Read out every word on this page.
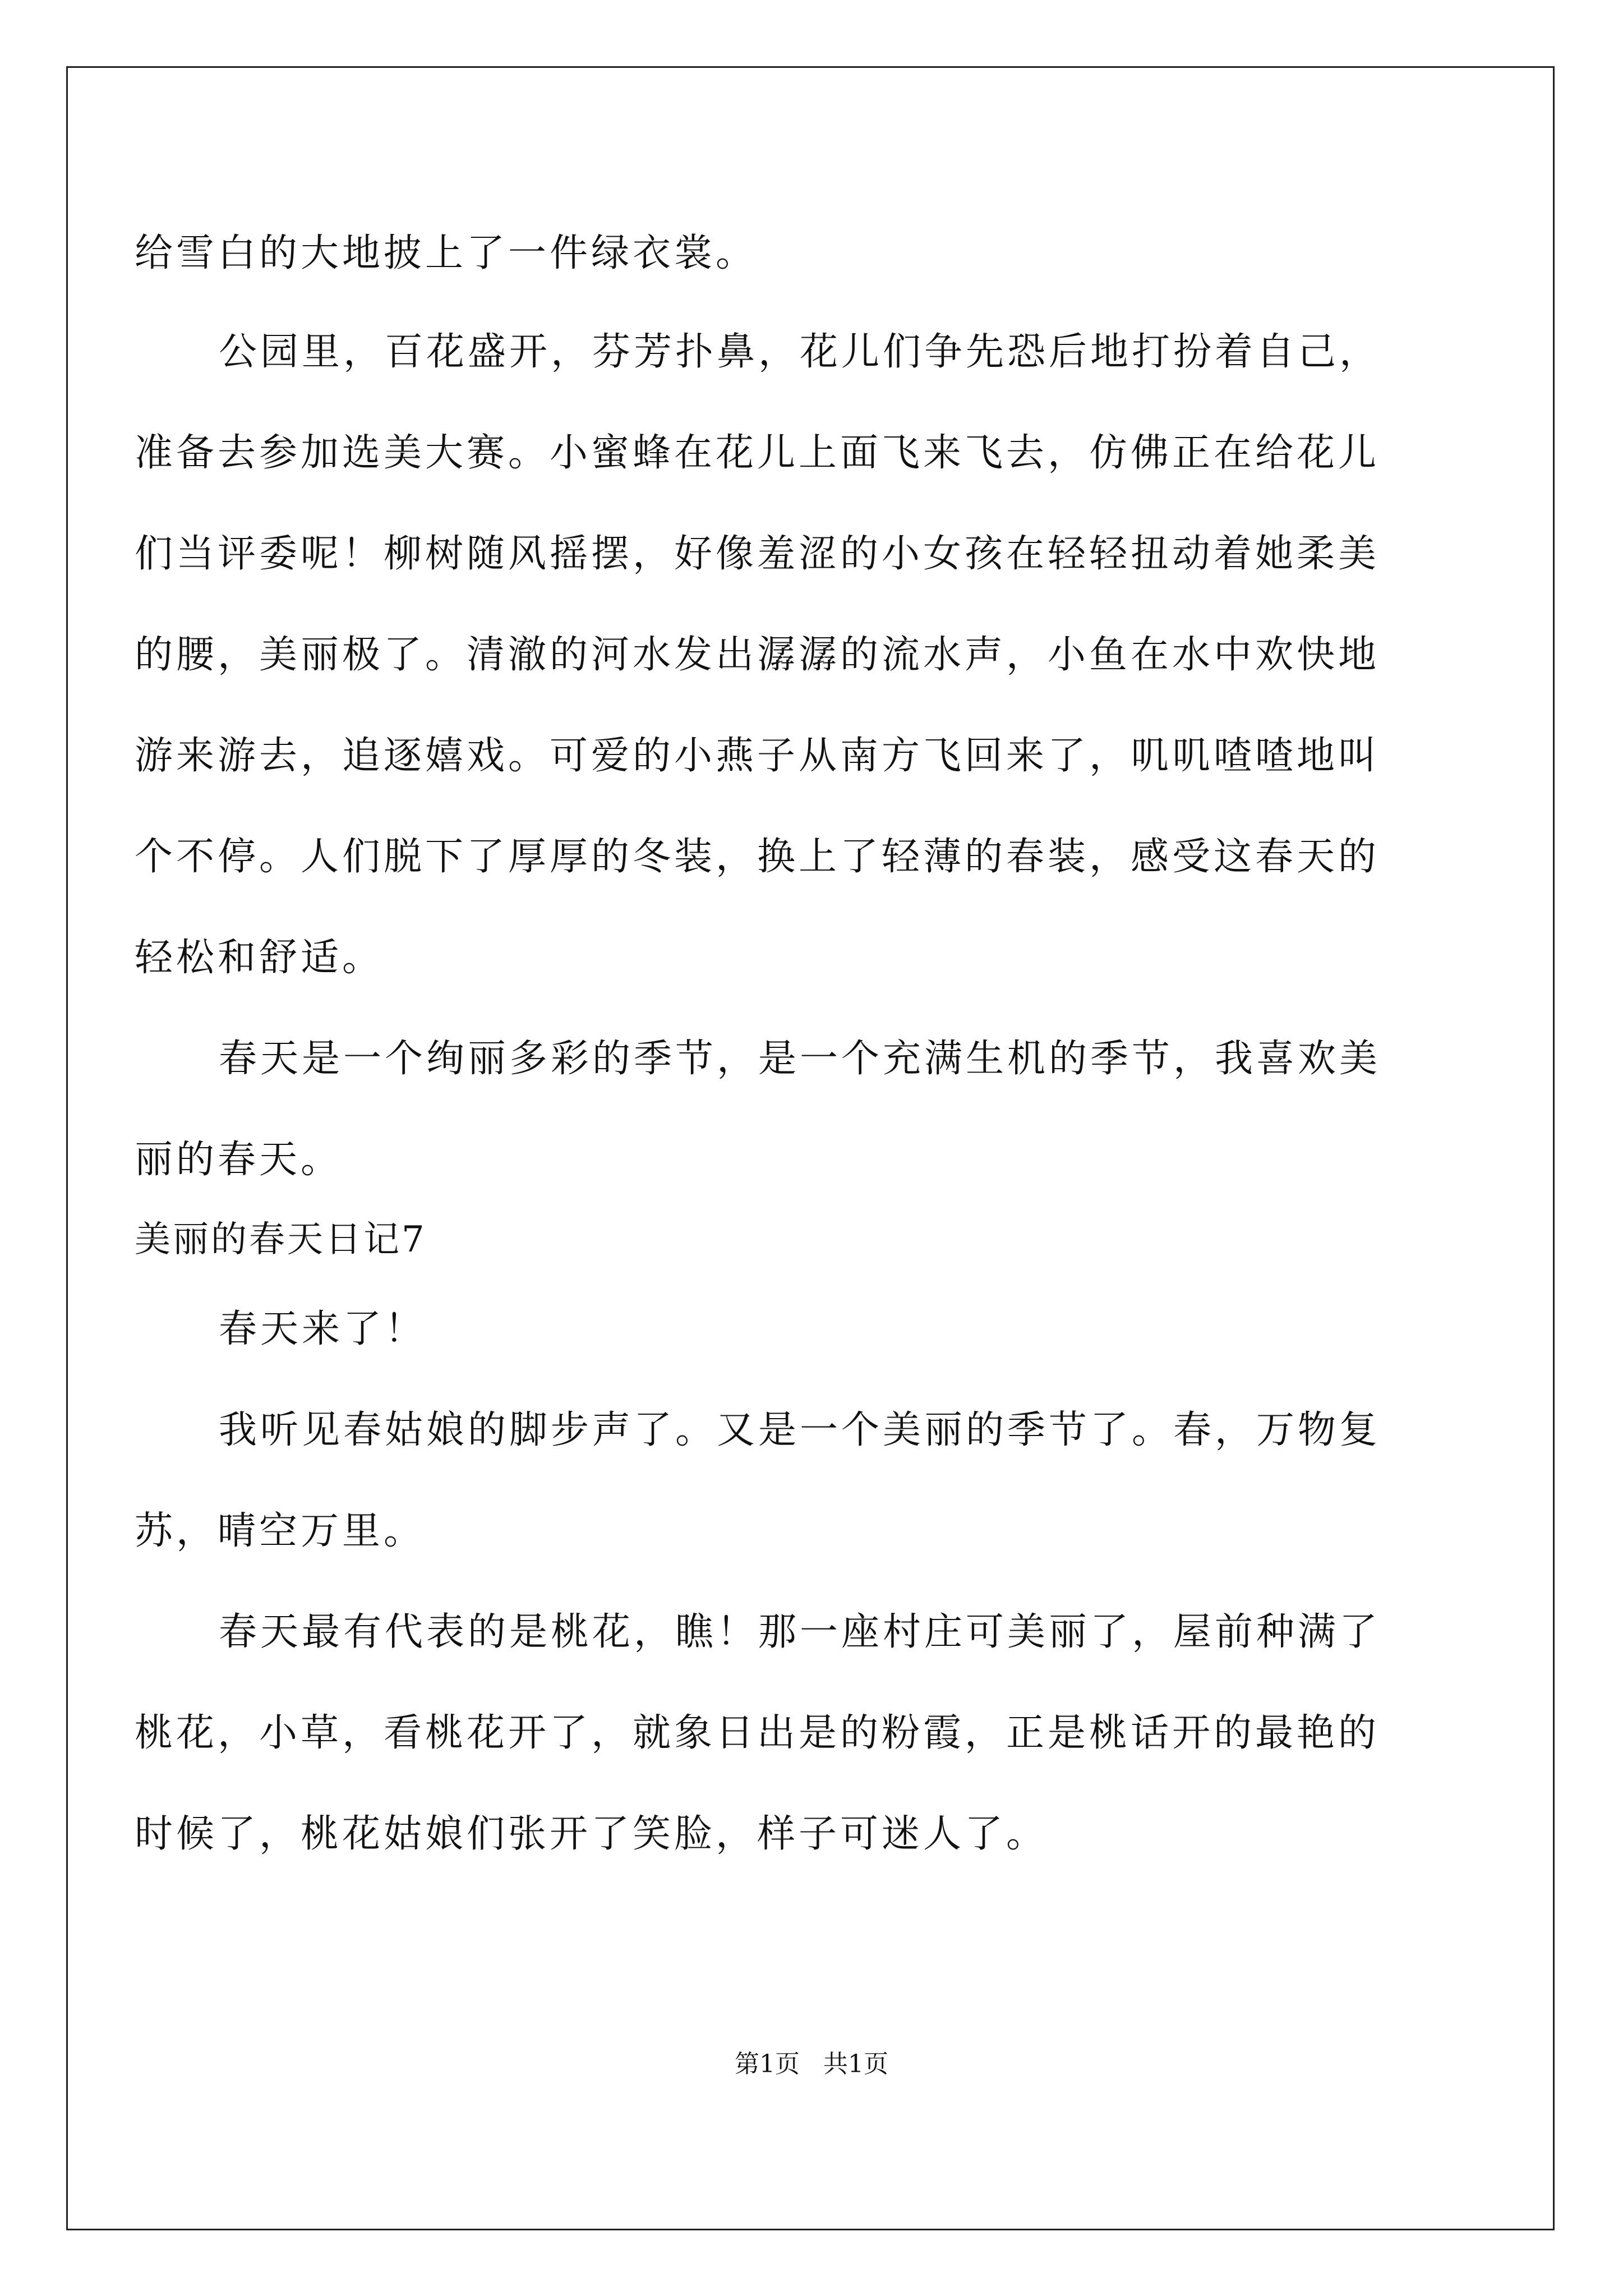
给雪白的大地披上了一件绿衣裳。
公园里，百花盛开，芬芳扑鼻，花儿们争先恐后地打扮着自己，
准备去参加选美大赛。小蜜蜂在花儿上面飞来飞去，仿佛正在给花儿
们当评委呢！柳树随风摇摆，好像羞涩的小女孩在轻轻扭动着她柔美
的腰，美丽极了。清澈的河水发出潺潺的流水声，小鱼在水中欢快地
游来游去，追逐嬉戏。可爱的小燕子从南方飞回来了，叽叽喳喳地叫
个不停。人们脱下了厚厚的冬装，换上了轻薄的春装，感受这春天的
轻松和舒适。
春天是一个绚丽多彩的季节，是一个充满生机的季节，我喜欢美
丽的春天。
美丽的春天日记7
春天来了！
我听见春姑娘的脚步声了。又是一个美丽的季节了。春，万物复
苏，晴空万里。
春天最有代表的是桃花，瞧！那一座村庄可美丽了，屋前种满了
桃花，小草，看桃花开了，就象日出是的粉霞，正是桃话开的最艳的
时候了，桃花姑娘们张开了笑脸，样子可迷人了。
第1页   共1页
